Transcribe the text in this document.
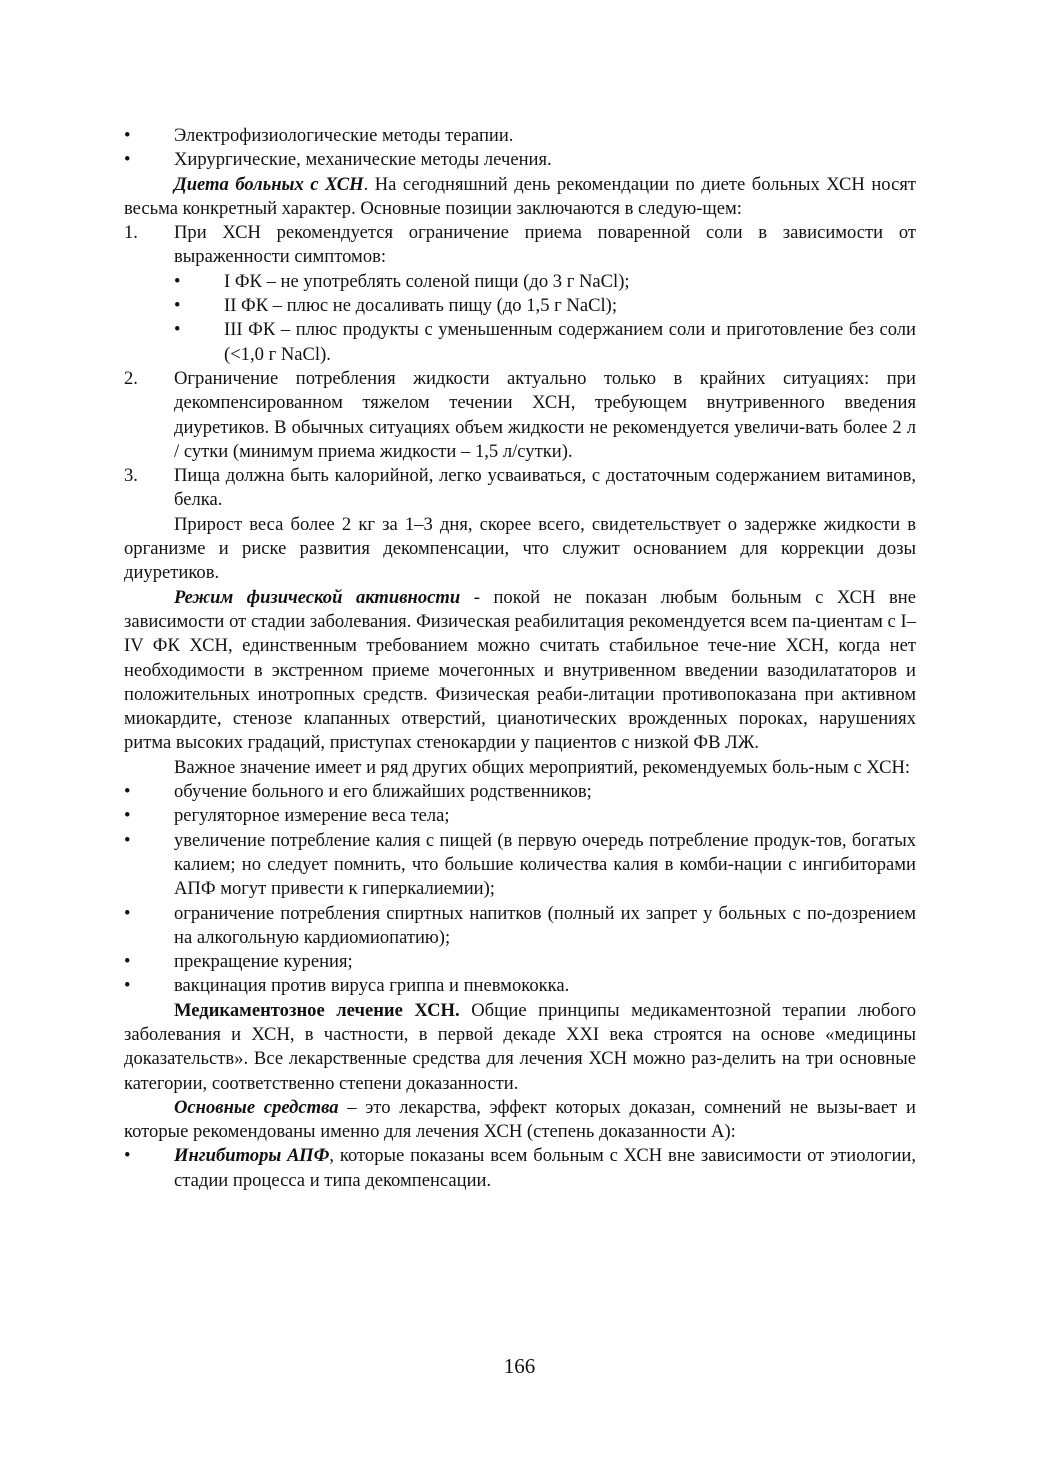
•	Электрофизиологические методы терапии.
•	Хирургические, механические методы лечения.

Диета больных с ХСН. На сегодняшний день рекомендации по диете больных ХСН носят весьма конкретный характер. Основные позиции заключаются в следую-щем:

1. При ХСН рекомендуется ограничение приема поваренной соли в зависимости от выраженности симптомов:
•	I ФК – не употреблять соленой пищи (до 3 г NaCl);
•	II ФК – плюс не досаливать пищу (до 1,5 г NaCl);
•	III ФК – плюс продукты с уменьшенным содержанием соли и приготовление без соли (<1,0 г NaCl).
2. Ограничение потребления жидкости актуально только в крайних ситуациях: при декомпенсированном тяжелом течении ХСН, требующем внутривенного введения диуретиков. В обычных ситуациях объем жидкости не рекомендуется увеличи-вать более 2 л / сутки (минимум приема жидкости – 1,5 л/сутки).
3. Пища должна быть калорийной, легко усваиваться, с достаточным содержанием витаминов, белка.

Прирост веса более 2 кг за 1–3 дня, скорее всего, свидетельствует о задержке жидкости в организме и риске развития декомпенсации, что служит основанием для коррекции дозы диуретиков.

Режим физической активности - покой не показан любым больным с ХСН вне зависимости от стадии заболевания. Физическая реабилитация рекомендуется всем па-циентам с I–IV ФК ХСН, единственным требованием можно считать стабильное тече-ние ХСН, когда нет необходимости в экстренном приеме мочегонных и внутривенном введении вазодилататоров и положительных инотропных средств. Физическая реаби-литации противопоказана при активном миокардите, стенозе клапанных отверстий, цианотических врожденных пороках, нарушениях ритма высоких градаций, приступах стенокардии у пациентов с низкой ФВ ЛЖ.

Важное значение имеет и ряд других общих мероприятий, рекомендуемых боль-ным с ХСН:

•	обучение больного и его ближайших родственников;
•	регуляторное измерение веса тела;
•	увеличение потребление калия с пищей (в первую очередь потребление продук-тов, богатых калием; но следует помнить, что большие количества калия в комби-нации с ингибиторами АПФ могут привести к гиперкалиемии);
•	ограничение потребления спиртных напитков (полный их запрет у больных с по-дозрением на алкогольную кардиомиопатию);
•	прекращение курения;
•	вакцинация против вируса гриппа и пневмококка.

Медикаментозное лечение ХСН. Общие принципы медикаментозной терапии любого заболевания и ХСН, в частности, в первой декаде XXI века строятся на основе «медицины доказательств». Все лекарственные средства для лечения ХСН можно раз-делить на три основные категории, соответственно степени доказанности.

Основные средства – это лекарства, эффект которых доказан, сомнений не вызы-вает и которые рекомендованы именно для лечения ХСН (степень доказанности А):

•	Ингибиторы АПФ, которые показаны всем больным с ХСН вне зависимости от этиологии, стадии процесса и типа декомпенсации.
166
